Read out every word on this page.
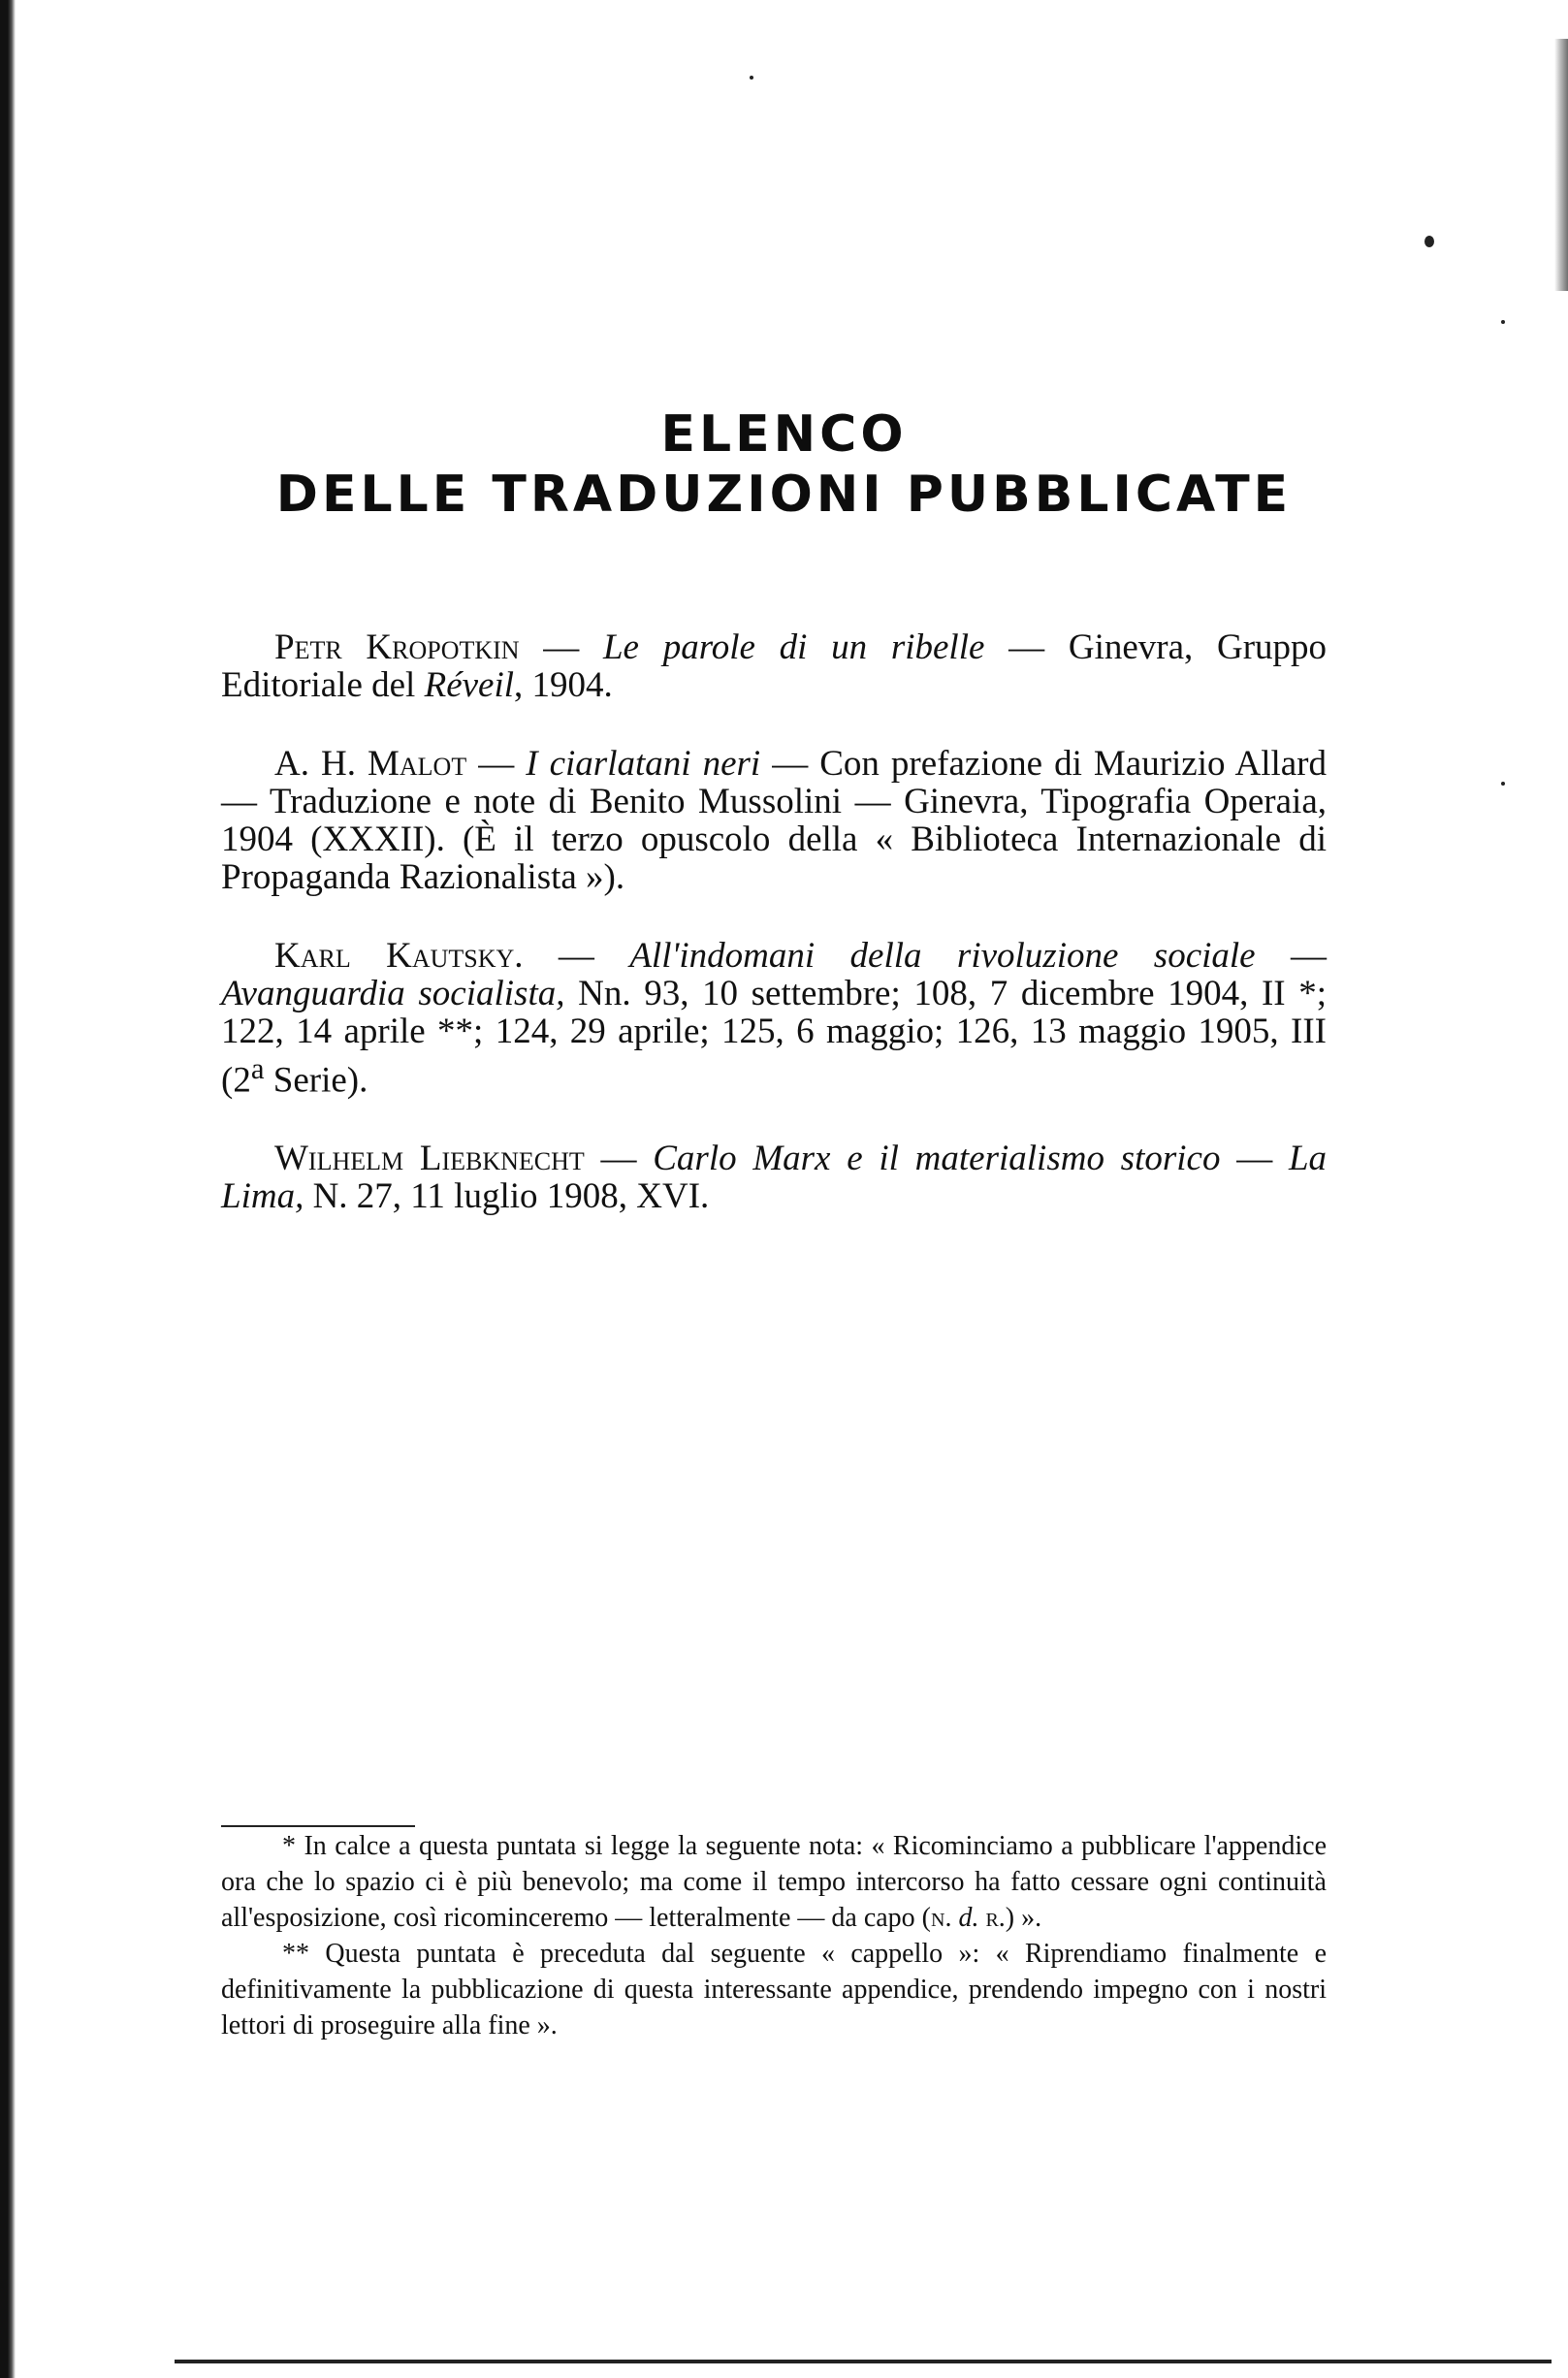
ELENCO
DELLE TRADUZIONI PUBBLICATE

Petr Kropotkin — Le parole di un ribelle — Ginevra, Gruppo Editoriale del Réveil, 1904.

A. H. Malot — I ciarlatani neri — Con prefazione di Maurizio Allard — Traduzione e note di Benito Mussolini — Ginevra, Tipografia Operaia, 1904 (XXXII). (È il terzo opuscolo della « Biblioteca Internazionale di Propaganda Razionalista »).

Karl Kautsky. — All'indomani della rivoluzione sociale — Avanguardia socialista, Nn. 93, 10 settembre; 108, 7 dicembre 1904, II *; 122, 14 aprile **; 124, 29 aprile; 125, 6 maggio; 126, 13 maggio 1905, III (2$^a$ Serie).

Wilhelm Liebknecht — Carlo Marx e il materialismo storico — La Lima, N. 27, 11 luglio 1908, XVI.

* In calce a questa puntata si legge la seguente nota: « Ricominciamo a pubblicare l'appendice ora che lo spazio ci è più benevolo; ma come il tempo intercorso ha fatto cessare ogni continuità all'esposizione, così ricominceremo — letteralmente — da capo (n. d. r.) ».

** Questa puntata è preceduta dal seguente « cappello »: « Riprendiamo finalmente e definitivamente la pubblicazione di questa interessante appendice, prendendo impegno con i nostri lettori di proseguire alla fine ».
